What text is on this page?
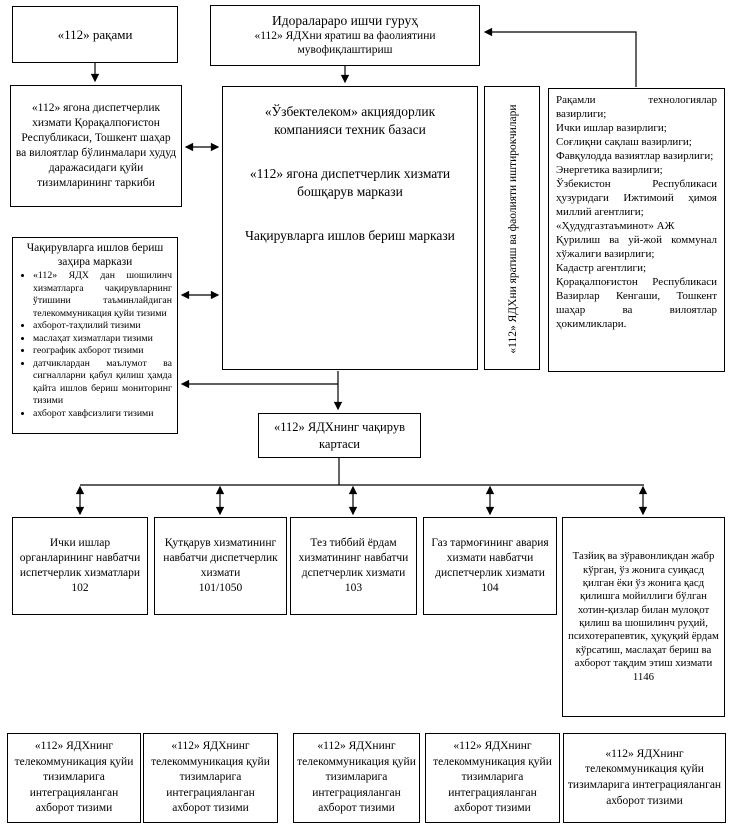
«112» рақами
Идоралараро ишчи гуруҳ
«112» ЯДХни яратиш ва фаолиятини мувофиқлаштириш
«112» ягона диспетчерлик хизмати Қорақалпоғистон Республикаси, Тошкент шаҳар ва вилоятлар бўлинмалари худуд даражасидаги қуйи тизимларининг таркиби
«Ўзбектелеком» акциядорлик компанияси техник базаси
«112» ягона диспетчерлик хизмати бошқарув маркази
Чақирувларга ишлов бериш маркази	«112» ЯДХни яратиш ва фаолияти иштирокчилари
Рақамли технологиялар вазирлиги;
Ички ишлар вазирлиги;
Соғлиқни сақлаш вазирлиги;
Фавқулодда вазиятлар вазирлиги;
Энергетика вазирлиги;
Ўзбекистон Республикаси ҳузуридаги Ижтимоий ҳимоя миллий агентлиги;
«Ҳудудгазтаъминот» АЖ
Қурилиш ва уй-жой коммунал хўжалиги вазирлиги;
Кадастр агентлиги;
Қорақалпоғистон Республикаси Вазирлар Кенгаши, Тошкент шаҳар ва вилоятлар ҳокимликлари.
Чақирувларга ишлов бериш заҳира маркази
• «112» ЯДХ дан шошилинч хизматларга чақирувларнинг ўтишини таъминлайдиган телекоммуникация қуйи тизими
• ахборот-таҳлилий тизими
• маслаҳат хизматлари тизими
• географик ахборот тизими
• датчиклардан маълумот ва сигналларни қабул қилиш ҳамда қайта ишлов бериш мониторинг тизими
• ахборот хавфсизлиги тизими
«112» ЯДХнинг чақирув картаси
Ички ишлар органларининг навбатчи испетчерлик хизматлари
102
Қутқарув хизматининг навбатчи диспетчерлик хизмати
101/1050
Тез тиббий ёрдам хизматининг навбатчи дспетчерлик хизмати
103
Газ тармоғининг авария хизмати навбатчи диспетчерлик хизмати
104
Тазйиқ ва зўравонликдан жабр кўрган, ўз жонига суиқасд қилган ёки ўз жонига қасд қилишга мойиллиги бўлган хотин-қизлар билан мулоқот қилиш ва шошилинч руҳий, психотерапевтик, ҳуқуқий ёрдам кўрсатиш, маслаҳат бериш ва ахборот тақдим этиш хизмати
1146
«112» ЯДХнинг телекоммуникация қуйи тизимларига интеграцияланган ахборот тизими
«112» ЯДХнинг телекоммуникация қуйи тизимларига интеграцияланган ахборот тизими
«112» ЯДХнинг телекоммуникация қуйи тизимларига интеграцияланган ахборот тизими
«112» ЯДХнинг телекоммуникация қуйи тизимларига интеграцияланган ахборот тизими
«112» ЯДХнинг телекоммуникация қуйи тизимларига интеграцияланган ахборот тизими
